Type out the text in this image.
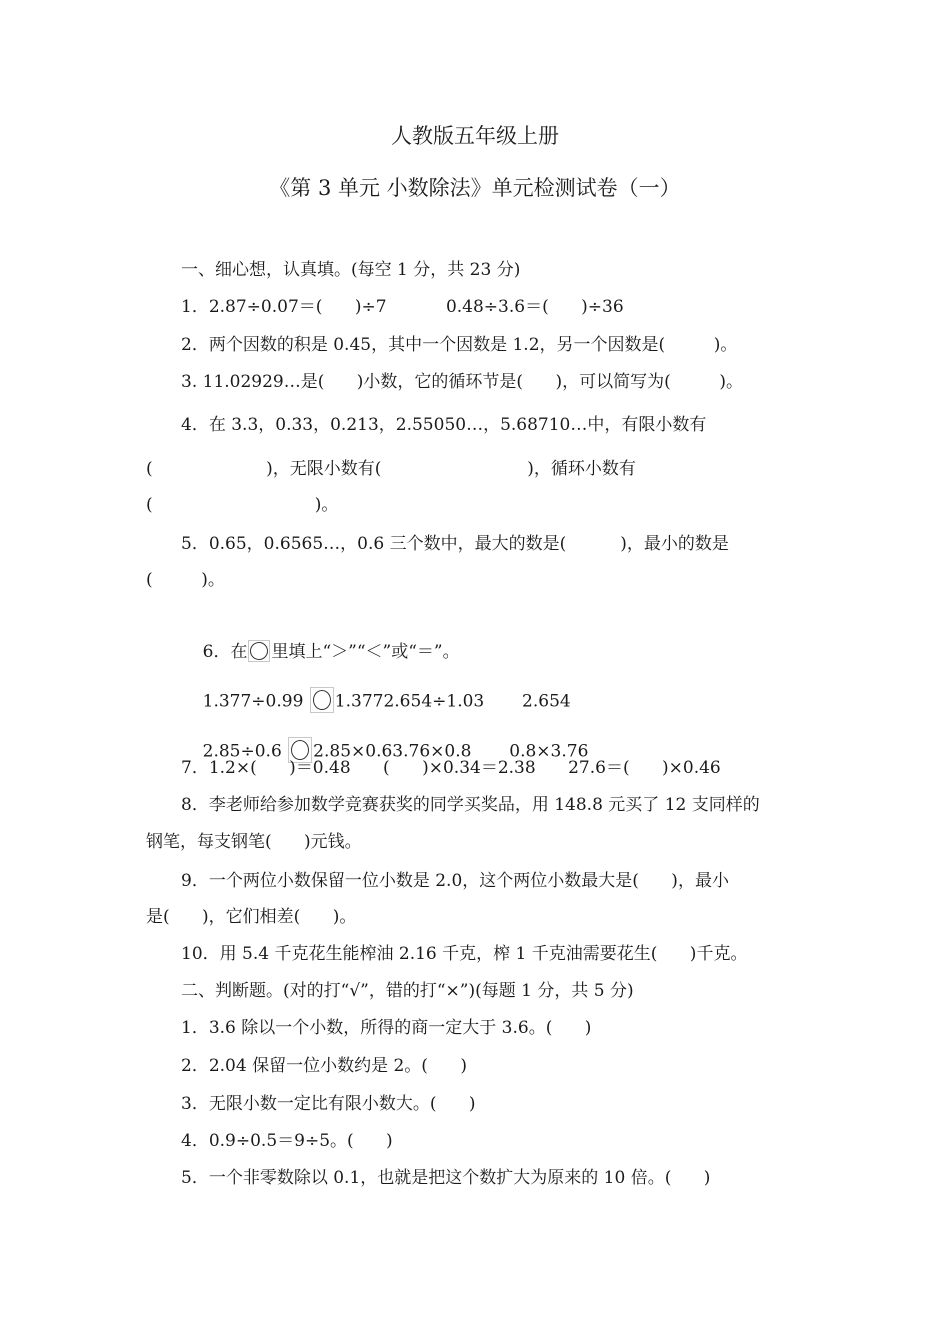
人教版五年级上册
《第 3 单元 小数除法》单元检测试卷（一）
一、细心想，认真填。(每空 1 分，共 23 分)
1．2.87÷0.07＝(      )÷7           0.48÷3.6＝(      )÷36
2．两个因数的积是 0.45，其中一个因数是 1.2，另一个因数是(         )。
3. 11.02929…是(      )小数，它的循环节是(      )，可以简写为(         )。
4．在 3.3，0.33，0.213，2.55050…，5.68710…中，有限小数有
(                     )，无限小数有(                           )，循环小数有
(                              )。
5．0.65，0.6565…，0.6 三个数中，最大的数是(          )，最小的数是
(         )。

6．在 里填上“＞”“＜”或“＝”。

1.377÷0.99 1.3772.654÷1.03       2.654

2.85÷0.6 2.85×0.63.76×0.8       0.8×3.76

7．1.2×(      )＝0.48      (      )×0.34＝2.38      27.6＝(      )×0.46
8．李老师给参加数学竞赛获奖的同学买奖品，用 148.8 元买了 12 支同样的
钢笔，每支钢笔(      )元钱。
9．一个两位小数保留一位小数是 2.0，这个两位小数最大是(      )，最小
是(      )，它们相差(      )。
10．用 5.4 千克花生能榨油 2.16 千克，榨 1 千克油需要花生(      )千克。
二、判断题。(对的打“√”，错的打“×”)(每题 1 分，共 5 分)
1．3.6 除以一个小数，所得的商一定大于 3.6。(      )
2．2.04 保留一位小数约是 2。(      )
3．无限小数一定比有限小数大。(      )
4．0.9÷0.5＝9÷5。(      )
5．一个非零数除以 0.1，也就是把这个数扩大为原来的 10 倍。(      )
